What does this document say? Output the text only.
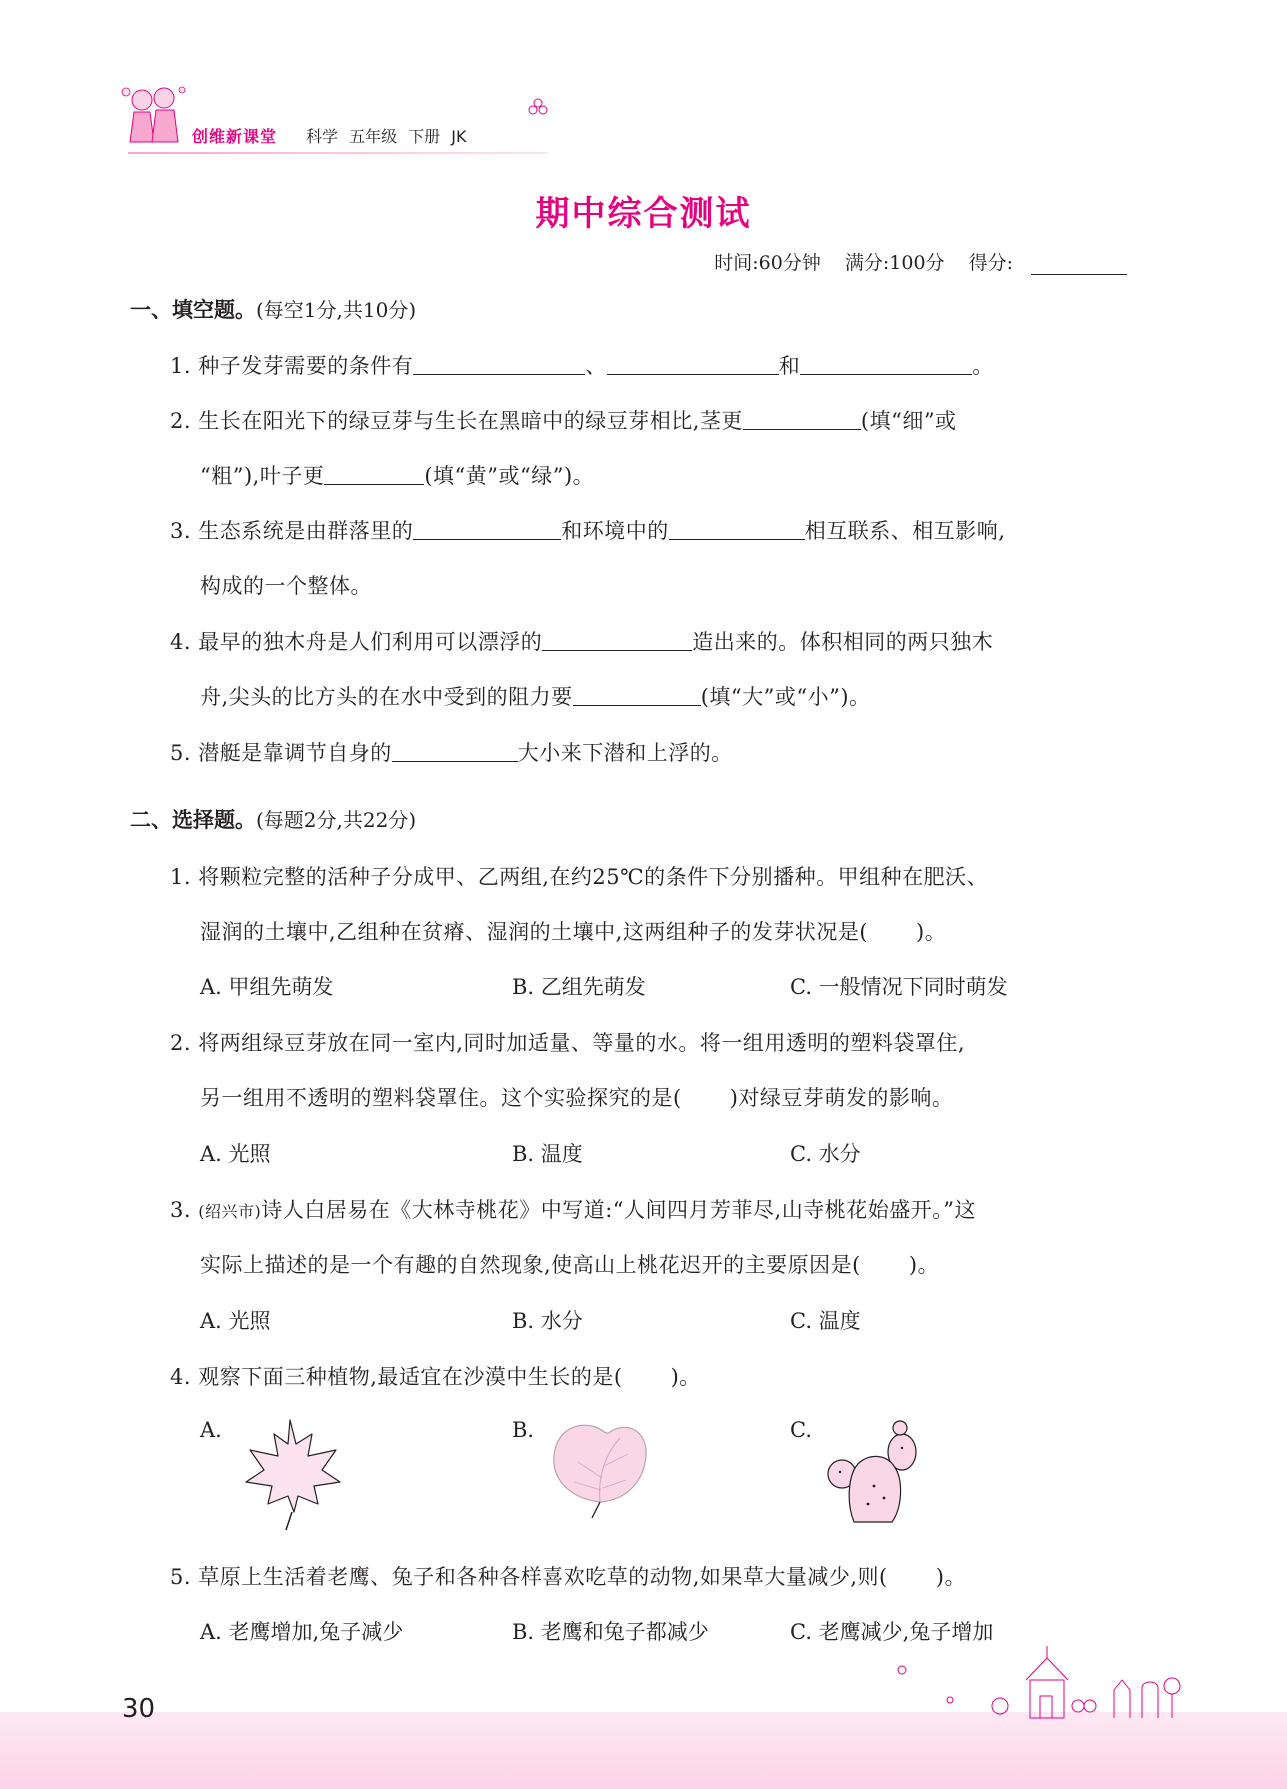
创维新课堂 科学 五年级 下册 JK
期中综合测试
时间:60分钟 满分:100分 得分:
一、填空题。(每空1分,共10分)
1. 种子发芽需要的条件有	、	和	。
2. 生长在阳光下的绿豆芽与生长在黑暗中的绿豆芽相比,茎更	(填“细”或
“粗”),叶子更	(填“黄”或“绿”)。
3. 生态系统是由群落里的	和环境中的	相互联系、相互影响,
构成的一个整体。
4. 最早的独木舟是人们利用可以漂浮的	造出来的。体积相同的两只独木
舟,尖头的比方头的在水中受到的阻力要	(填“大”或“小”)。
5. 潜艇是靠调节自身的	大小来下潜和上浮的。
二、选择题。(每题2分,共22分)
1. 将颗粒完整的活种子分成甲、乙两组,在约25℃的条件下分别播种。甲组种在肥沃、
湿润的土壤中,乙组种在贫瘠、湿润的土壤中,这两组种子的发芽状况是( )。
A. 甲组先萌发	B. 乙组先萌发	C. 一般情况下同时萌发
2. 将两组绿豆芽放在同一室内,同时加适量、等量的水。将一组用透明的塑料袋罩住,
另一组用不透明的塑料袋罩住。这个实验探究的是( )对绿豆芽萌发的影响。
A. 光照	B. 温度	C. 水分
3. (绍兴市)诗人白居易在《大林寺桃花》中写道:“人间四月芳菲尽,山寺桃花始盛开。”这
实际上描述的是一个有趣的自然现象,使高山上桃花迟开的主要原因是( )。
A. 光照	B. 水分	C. 温度
4. 观察下面三种植物,最适宜在沙漠中生长的是( )。
A.	B.	C.
5. 草原上生活着老鹰、兔子和各种各样喜欢吃草的动物,如果草大量减少,则( )。
A. 老鹰增加,兔子减少	B. 老鹰和兔子都减少	C. 老鹰减少,兔子增加
30
